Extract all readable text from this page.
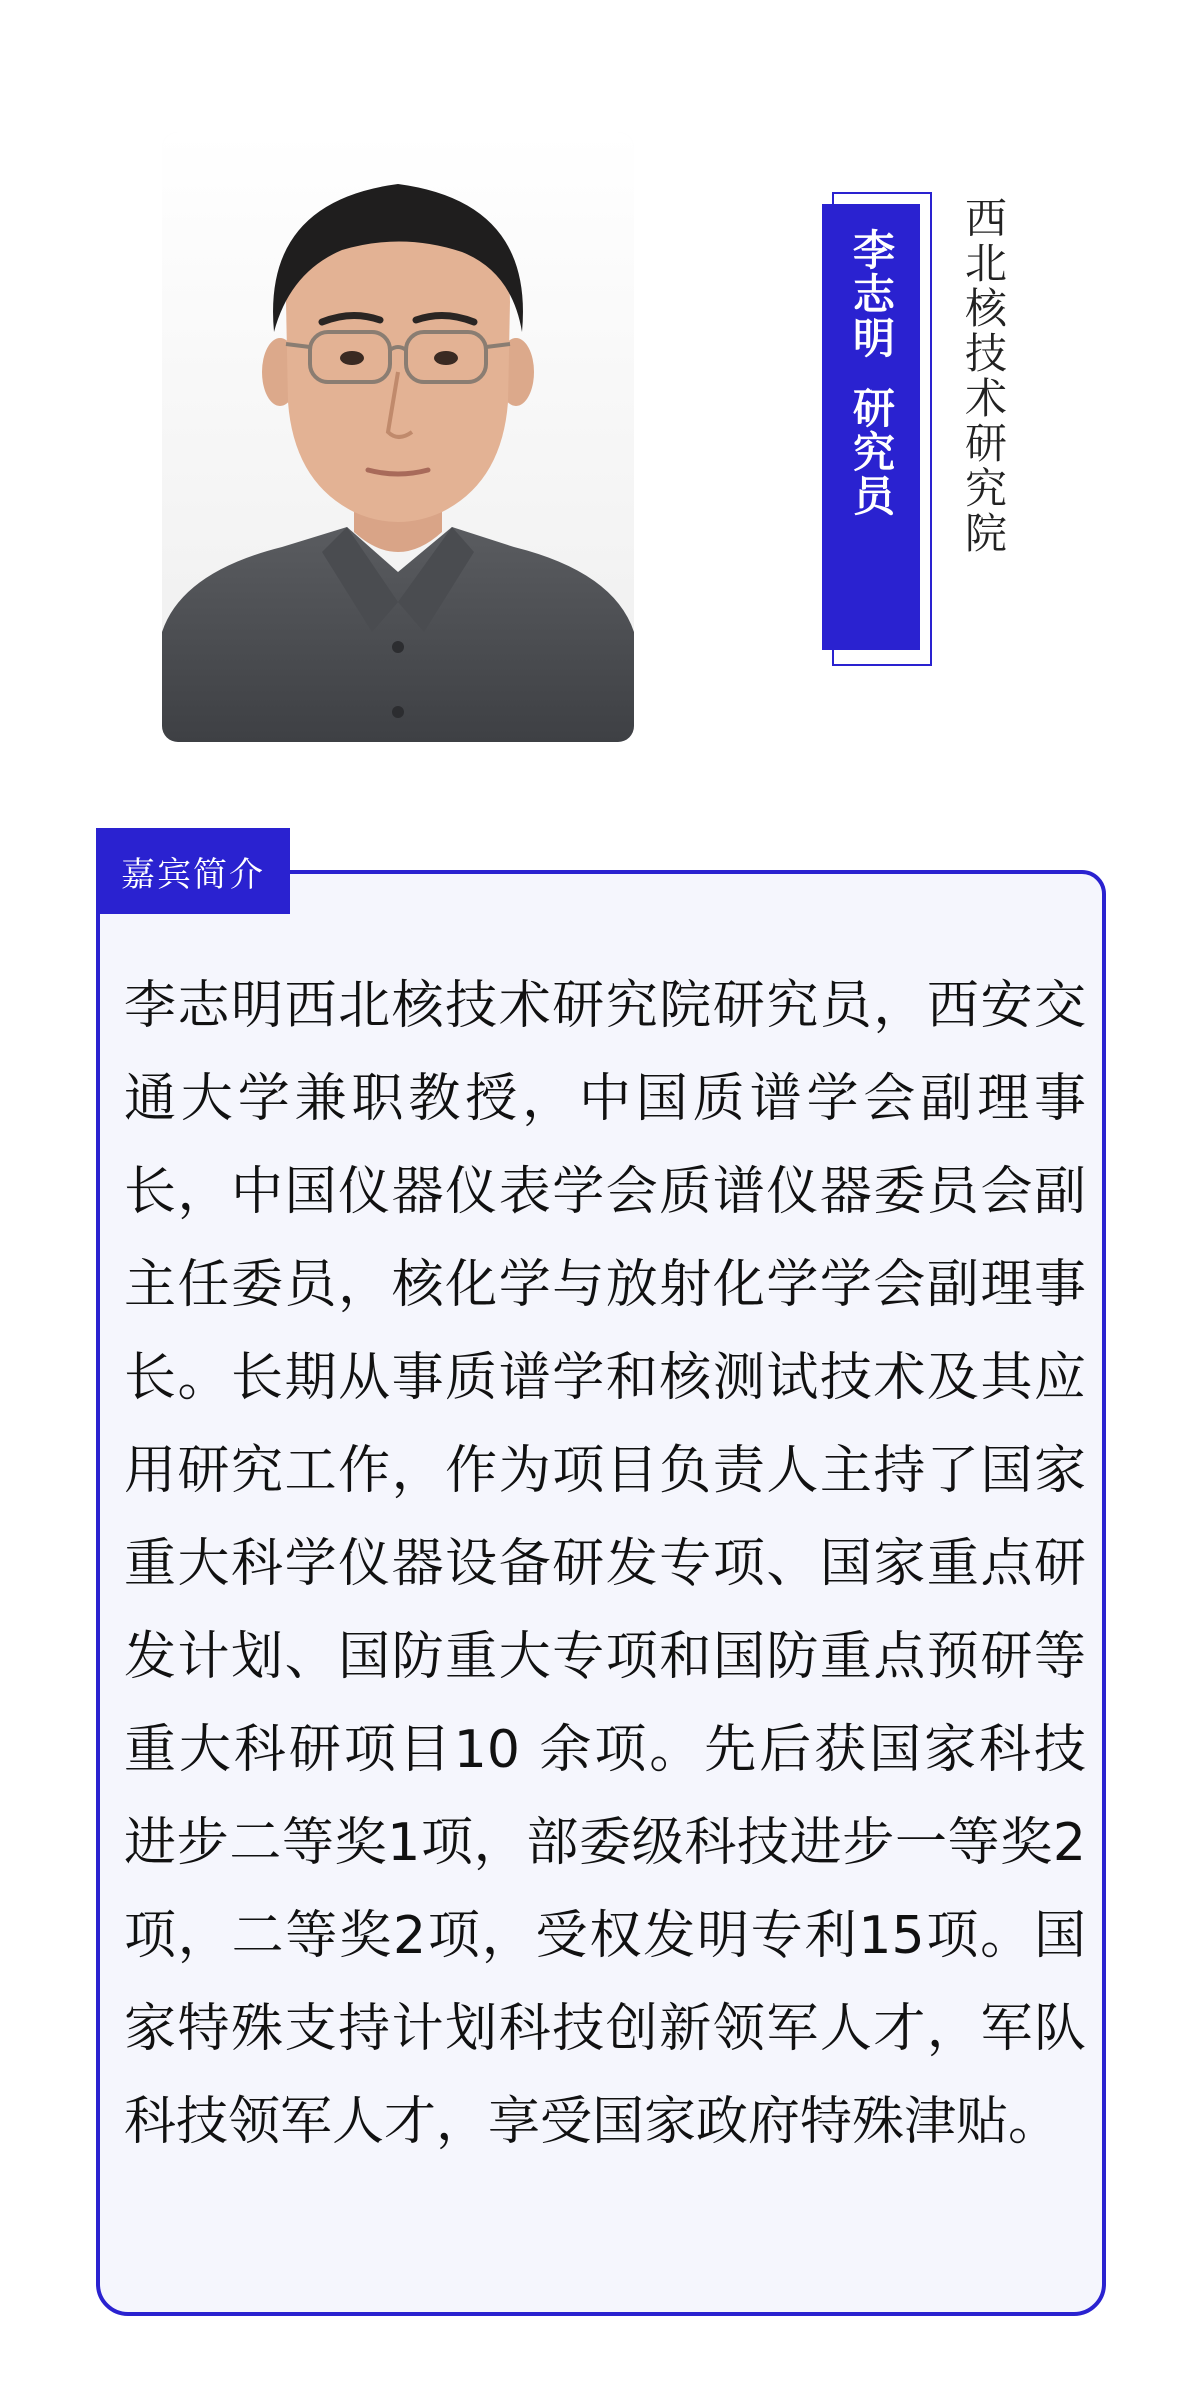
李志明研究员 西北核技术研究院
嘉宾简介

李志明西北核技术研究院研究员，西安交通大学兼职教授，中国质谱学会副理事长，中国仪器仪表学会质谱仪器委员会副主任委员，核化学与放射化学学会副理事长。长期从事质谱学和核测试技术及其应用研究工作，作为项目负责人主持了国家重大科学仪器设备研发专项、国家重点研发计划、国防重大专项和国防重点预研等重大科研项目10 余项。先后获国家科技进步二等奖1项，部委级科技进步一等奖2项，二等奖2项，受权发明专利15项。国家特殊支持计划科技创新领军人才，军队科技领军人才，享受国家政府特殊津贴。
